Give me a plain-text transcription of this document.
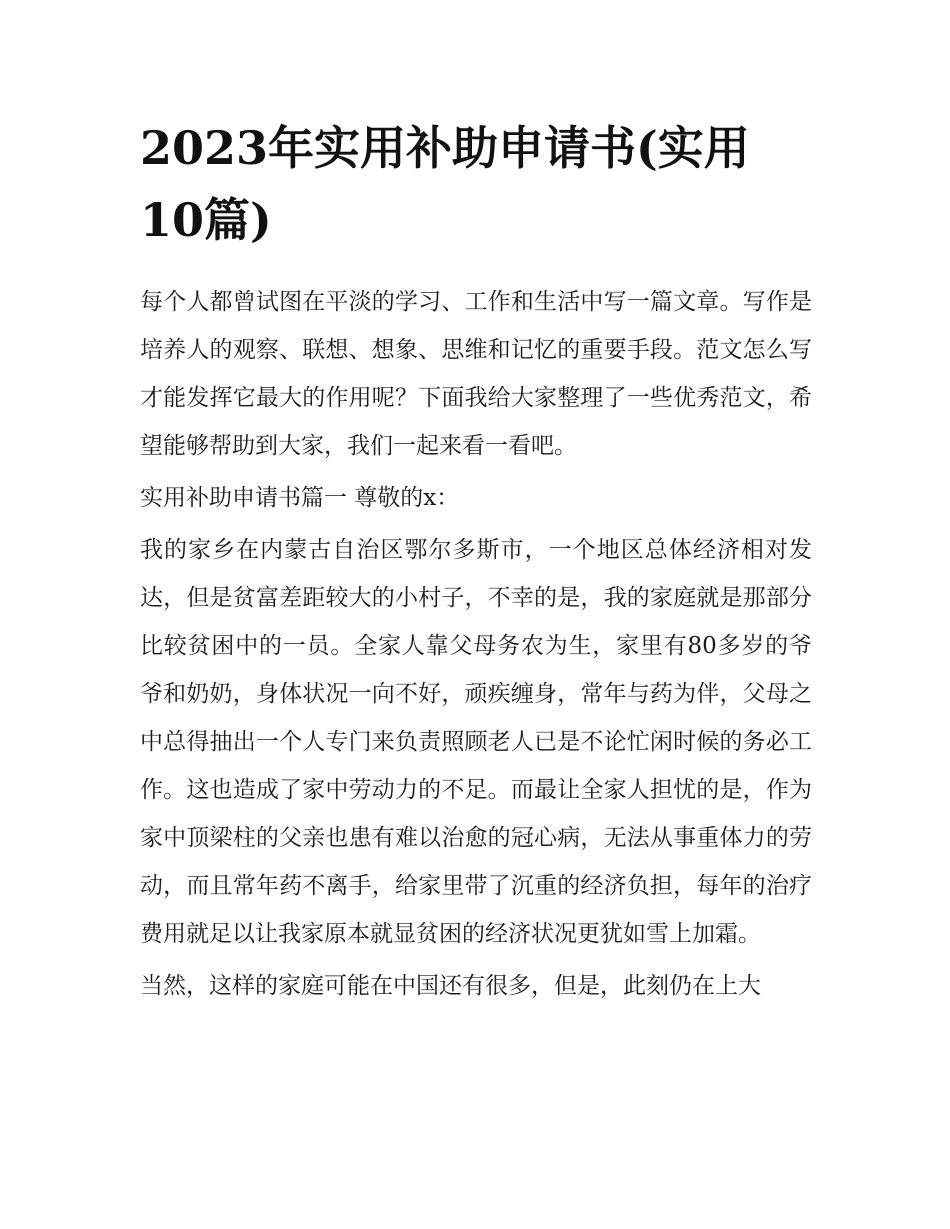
2023年实用补助申请书(实用10篇)

每个人都曾试图在平淡的学习、工作和生活中写一篇文章。写作是培养人的观察、联想、想象、思维和记忆的重要手段。范文怎么写才能发挥它最大的作用呢？下面我给大家整理了一些优秀范文，希望能够帮助到大家，我们一起来看一看吧。

实用补助申请书篇一 尊敬的x：

我的家乡在内蒙古自治区鄂尔多斯市，一个地区总体经济相对发达，但是贫富差距较大的小村子，不幸的是，我的家庭就是那部分比较贫困中的一员。全家人靠父母务农为生，家里有80多岁的爷爷和奶奶，身体状况一向不好，顽疾缠身，常年与药为伴，父母之中总得抽出一个人专门来负责照顾老人已是不论忙闲时候的务必工作。这也造成了家中劳动力的不足。而最让全家人担忧的是，作为家中顶梁柱的父亲也患有难以治愈的冠心病，无法从事重体力的劳动，而且常年药不离手，给家里带了沉重的经济负担，每年的治疗费用就足以让我家原本就显贫困的经济状况更犹如雪上加霜。

当然，这样的家庭可能在中国还有很多，但是，此刻仍在上大
